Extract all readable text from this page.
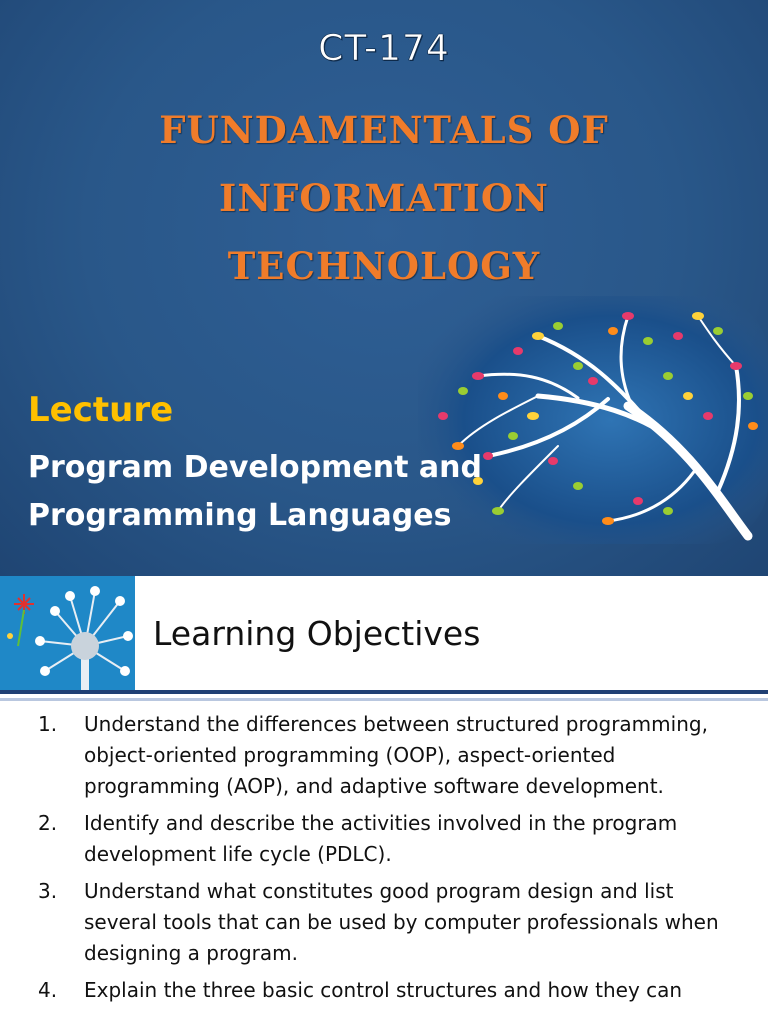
CT-174
FUNDAMENTALS OF
INFORMATION
TECHNOLOGY
Lecture
Program Development and
Programming Languages
Learning Objectives
1. Understand the differences between structured programming, object-oriented programming (OOP), aspect-oriented programming (AOP), and adaptive software development.
2. Identify and describe the activities involved in the program development life cycle (PDLC).
3. Understand what constitutes good program design and list several tools that can be used by computer professionals when designing a program.
4. Explain the three basic control structures and how they can
